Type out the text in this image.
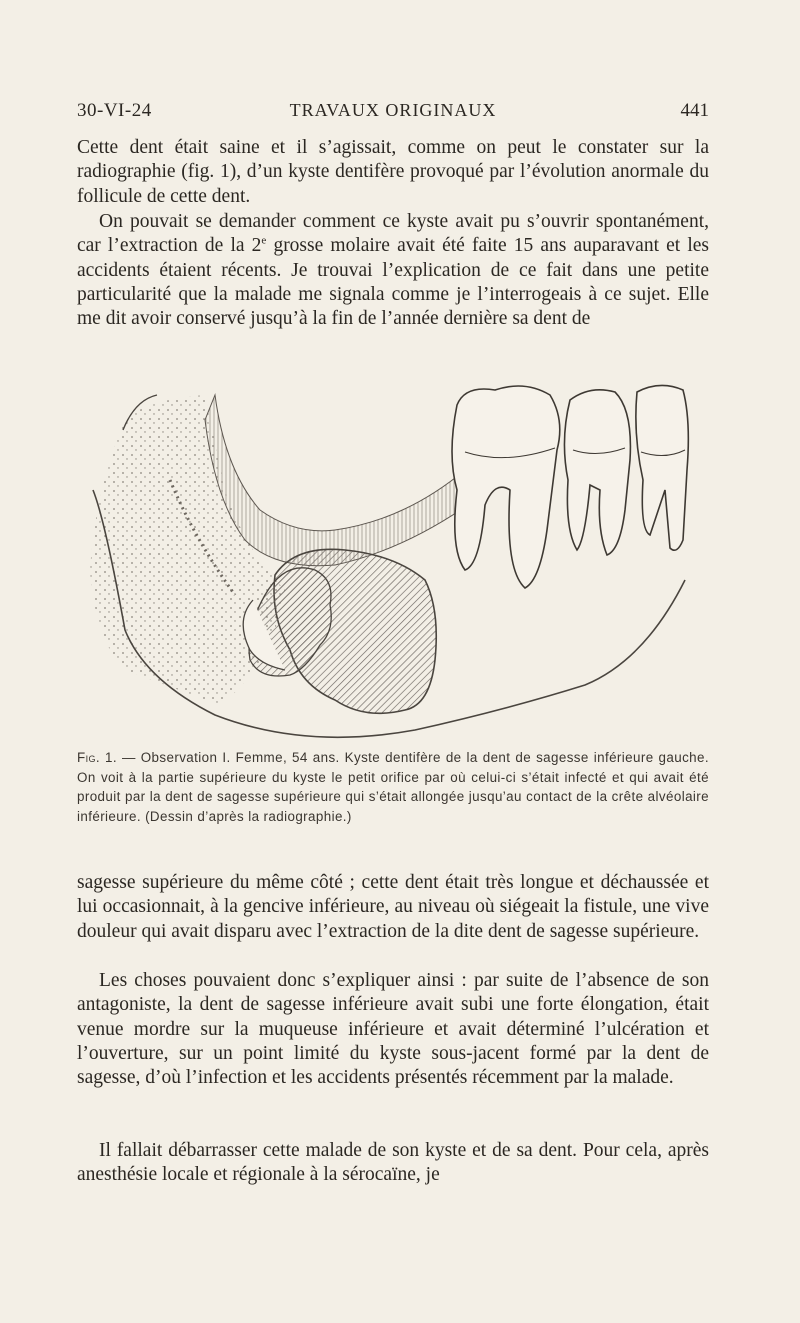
30-VI-24	TRAVAUX ORIGINAUX	441

Cette dent était saine et il s’agissait, comme on peut le constater sur la radiographie (fig. 1), d’un kyste dentifère provoqué par l’évolution anormale du follicule de cette dent.

On pouvait se demander comment ce kyste avait pu s’ouvrir spontanément, car l’extraction de la 2e grosse molaire avait été faite 15 ans auparavant et les accidents étaient récents. Je trouvai l’explication de ce fait dans une petite particularité que la malade me signala comme je l’interrogeais à ce sujet. Elle me dit avoir conservé jusqu’à la fin de l’année dernière sa dent de

Fig. 1. — Observation I. Femme, 54 ans. Kyste dentifère de la dent de sagesse inférieure gauche. On voit à la partie supérieure du kyste le petit orifice par où celui-ci s’était infecté et qui avait été produit par la dent de sagesse supérieure qui s’était allongée jusqu’au contact de la crête alvéolaire inférieure. (Dessin d’après la radiographie.)

sagesse supérieure du même côté ; cette dent était très longue et déchaussée et lui occasionnait, à la gencive inférieure, au niveau où siégeait la fistule, une vive douleur qui avait disparu avec l’extraction de la dite dent de sagesse supérieure.

Les choses pouvaient donc s’expliquer ainsi : par suite de l’absence de son antagoniste, la dent de sagesse inférieure avait subi une forte élongation, était venue mordre sur la muqueuse inférieure et avait déterminé l’ulcération et l’ouverture, sur un point limité du kyste sous-jacent formé par la dent de sagesse, d’où l’infection et les accidents présentés récemment par la malade.

Il fallait débarrasser cette malade de son kyste et de sa dent. Pour cela, après anesthésie locale et régionale à la sérocaïne, je
